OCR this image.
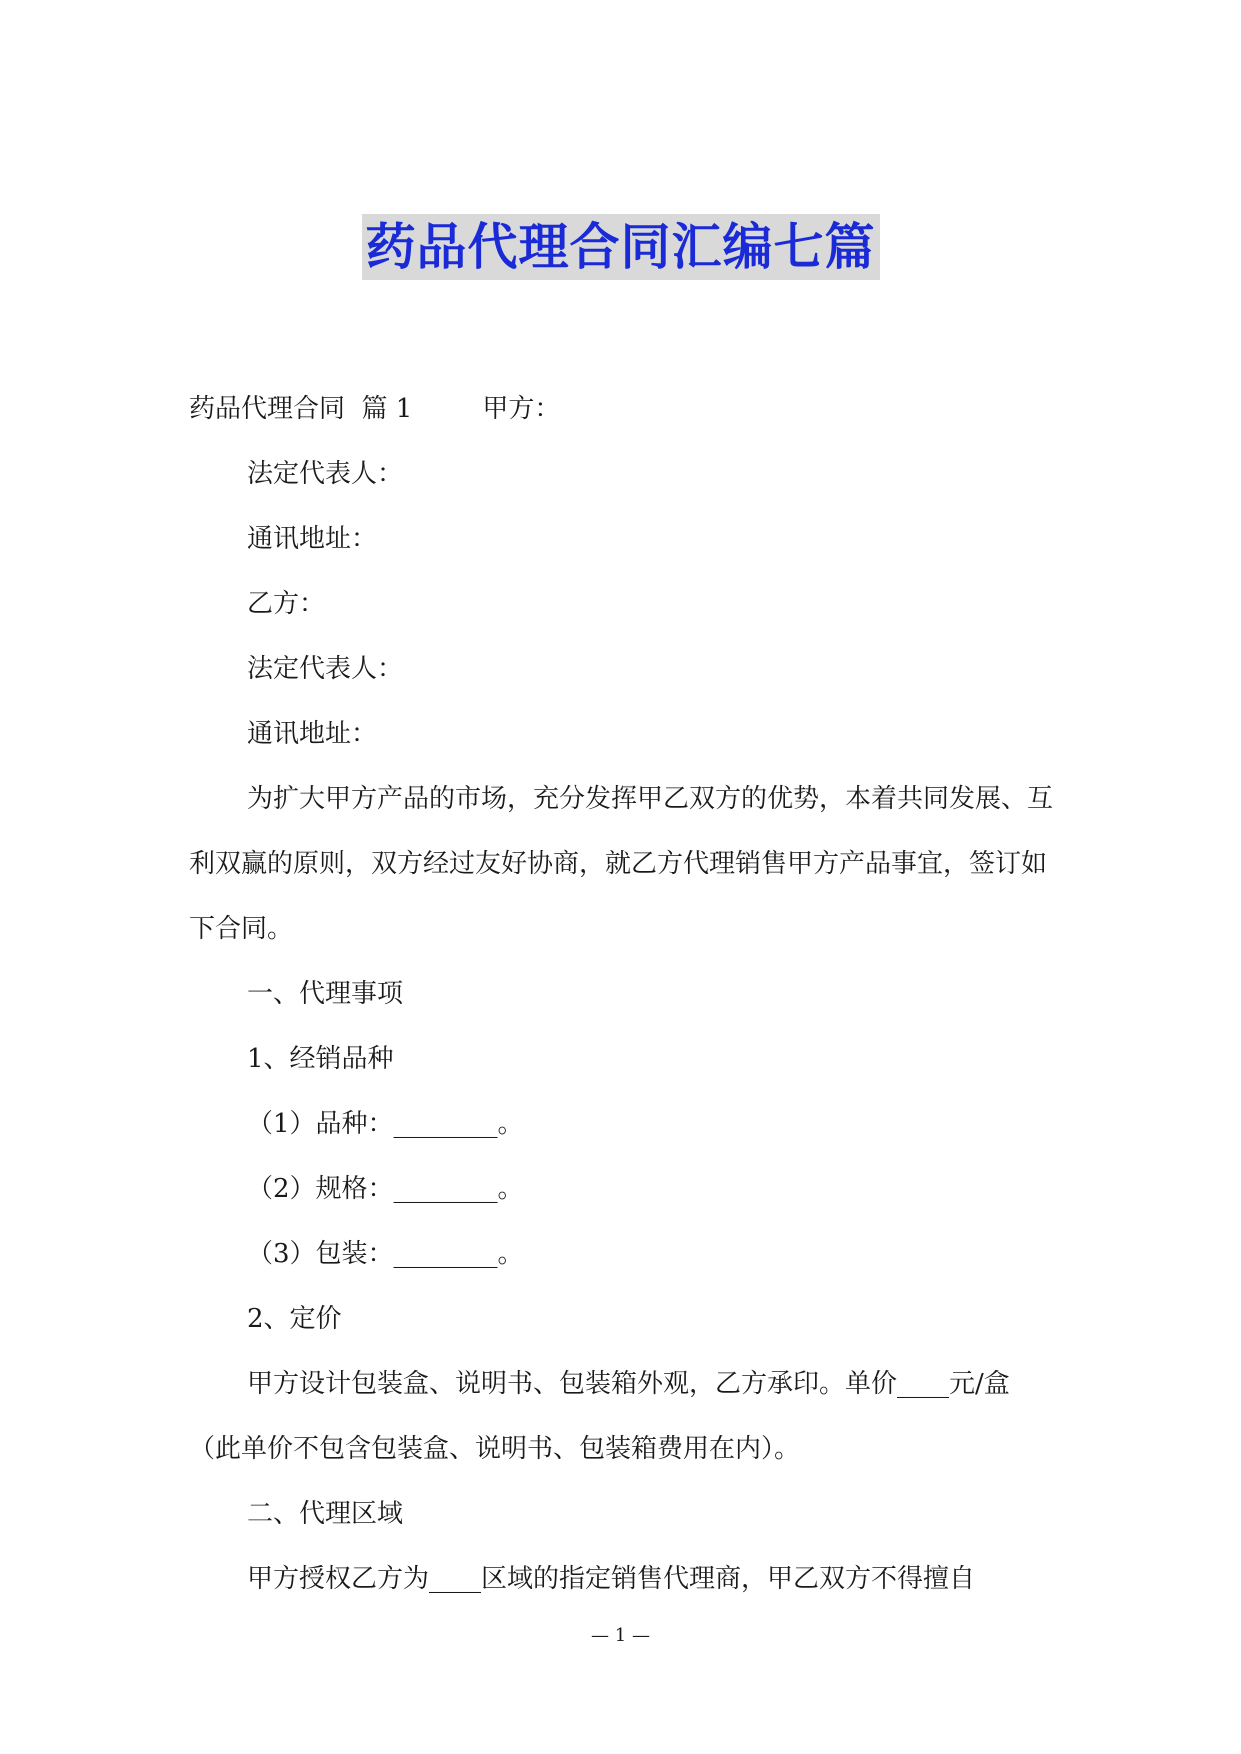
药品代理合同汇编七篇

药品代理合同  篇 1	甲方：

法定代表人：

通讯地址：

乙方：

法定代表人：

通讯地址：

为扩大甲方产品的市场，充分发挥甲乙双方的优势，本着共同发展、互利双赢的原则，双方经过友好协商，就乙方代理销售甲方产品事宜，签订如下合同。

一、代理事项

1、经销品种

（1）品种：________。

（2）规格：________。

（3）包装：________。

2、定价

甲方设计包装盒、说明书、包装箱外观，乙方承印。单价____元/盒（此单价不包含包装盒、说明书、包装箱费用在内）。

二、代理区域

甲方授权乙方为____区域的指定销售代理商，甲乙双方不得擅自

— 1 —
